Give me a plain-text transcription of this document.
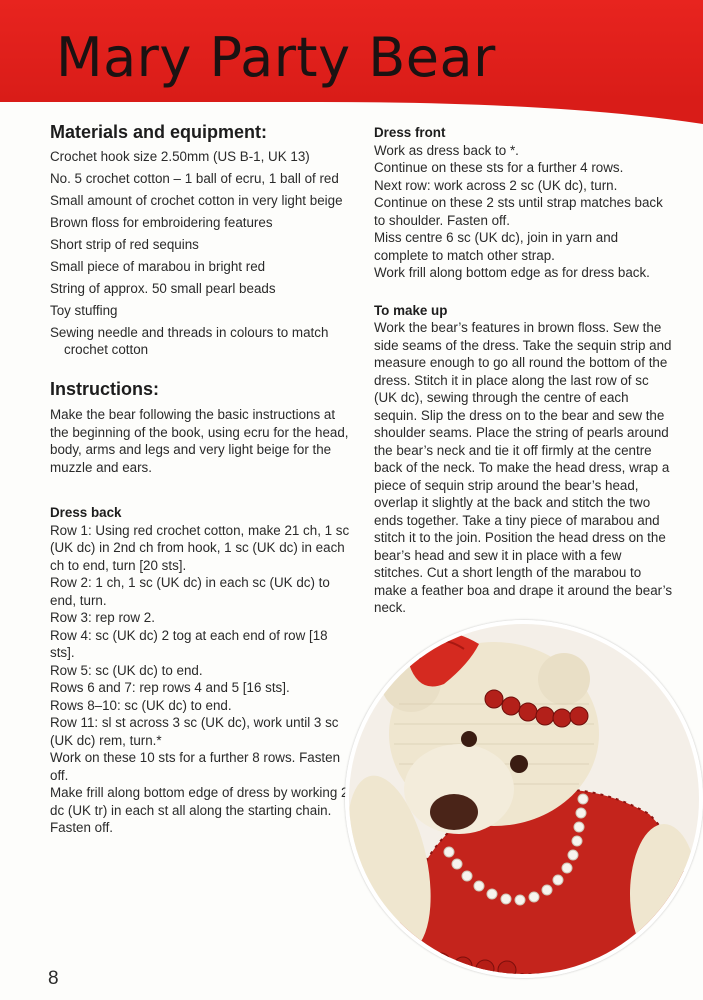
Mary Party Bear
Materials and equipment:
Crochet hook size 2.50mm (US B-1, UK 13)
No. 5 crochet cotton – 1 ball of ecru, 1 ball of red
Small amount of crochet cotton in very light beige
Brown floss for embroidering features
Short strip of red sequins
Small piece of marabou in bright red
String of approx. 50 small pearl beads
Toy stuffing
Sewing needle and threads in colours to match crochet cotton
Instructions:

Make the bear following the basic instructions at the beginning of the book, using ecru for the head, body, arms and legs and very light beige for the muzzle and ears.

Dress back

Row 1: Using red crochet cotton, make 21 ch, 1 sc (UK dc) in 2nd ch from hook, 1 sc (UK dc) in each ch to end, turn [20 sts].

Row 2: 1 ch, 1 sc (UK dc) in each sc (UK dc) to end, turn.

Row 3: rep row 2.

Row 4: sc (UK dc) 2 tog at each end of row [18 sts].

Row 5: sc (UK dc) to end.

Rows 6 and 7: rep rows 4 and 5 [16 sts].

Rows 8–10: sc (UK dc) to end.

Row 11: sl st across 3 sc (UK dc), work until 3 sc (UK dc) rem, turn.*

Work on these 10 sts for a further 8 rows. Fasten off.

Make frill along bottom edge of dress by working 2 dc (UK tr) in each st all along the starting chain. Fasten off.

Dress front

Work as dress back to *.

Continue on these sts for a further 4 rows.

Next row: work across 2 sc (UK dc), turn.

Continue on these 2 sts until strap matches back to shoulder. Fasten off.

Miss centre 6 sc (UK dc), join in yarn and complete to match other strap.

Work frill along bottom edge as for dress back.

To make up

Work the bear’s features in brown floss. Sew the side seams of the dress. Take the sequin strip and measure enough to go all round the bottom of the dress. Stitch it in place along the last row of sc (UK dc), sewing through the centre of each sequin. Slip the dress on to the bear and sew the shoulder seams. Place the string of pearls around the bear’s neck and tie it off firmly at the centre back of the neck. To make the head dress, wrap a piece of sequin strip around the bear’s head, overlap it slightly at the back and stitch the two ends together. Take a tiny piece of marabou and stitch it to the join. Position the head dress on the bear’s head and sew it in place with a few stitches. Cut a short length of the marabou to make a feather boa and drape it around the bear’s neck.

8
